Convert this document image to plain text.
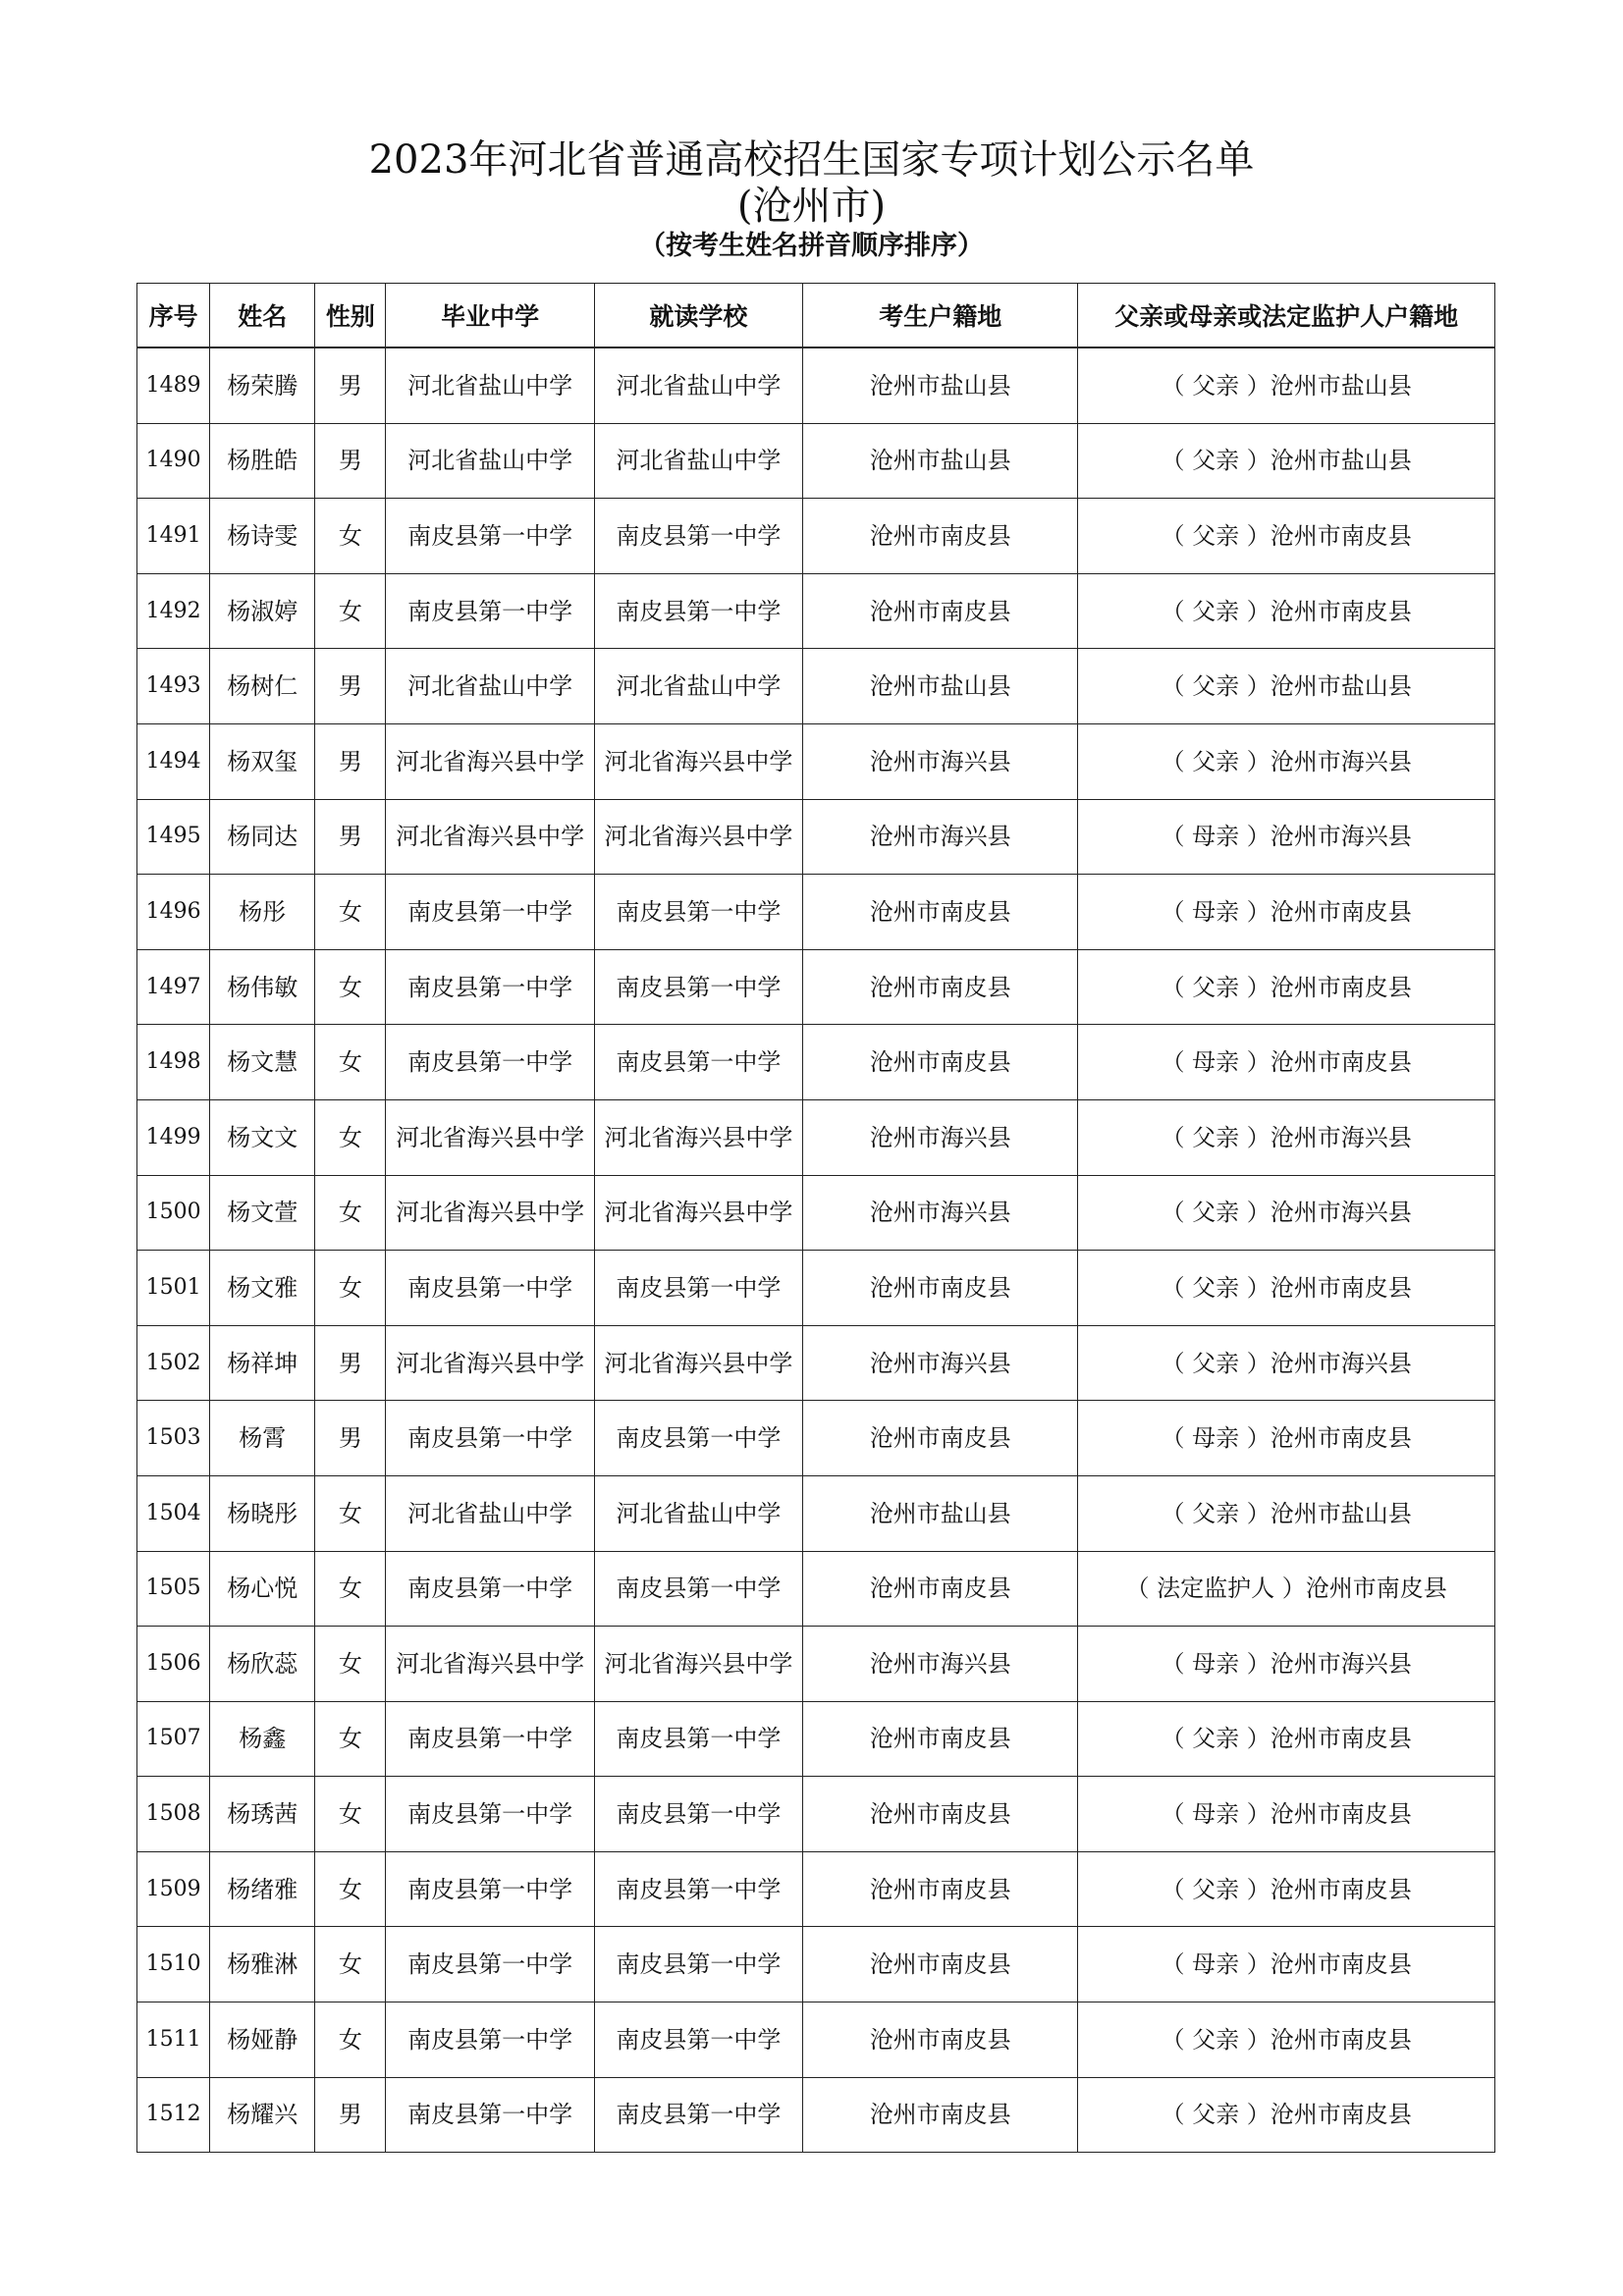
2023年河北省普通高校招生国家专项计划公示名单
(沧州市)
（按考生姓名拼音顺序排序）
序号	姓名	性别	毕业中学	就读学校	考生户籍地	父亲或母亲或法定监护人户籍地
1489	杨荣腾	男	河北省盐山中学	河北省盐山中学	沧州市盐山县	（ 父亲 ）沧州市盐山县
1490	杨胜皓	男	河北省盐山中学	河北省盐山中学	沧州市盐山县	（ 父亲 ）沧州市盐山县
1491	杨诗雯	女	南皮县第一中学	南皮县第一中学	沧州市南皮县	（ 父亲 ）沧州市南皮县
1492	杨淑婷	女	南皮县第一中学	南皮县第一中学	沧州市南皮县	（ 父亲 ）沧州市南皮县
1493	杨树仁	男	河北省盐山中学	河北省盐山中学	沧州市盐山县	（ 父亲 ）沧州市盐山县
1494	杨双玺	男	河北省海兴县中学	河北省海兴县中学	沧州市海兴县	（ 父亲 ）沧州市海兴县
1495	杨同达	男	河北省海兴县中学	河北省海兴县中学	沧州市海兴县	（ 母亲 ）沧州市海兴县
1496	杨彤	女	南皮县第一中学	南皮县第一中学	沧州市南皮县	（ 母亲 ）沧州市南皮县
1497	杨伟敏	女	南皮县第一中学	南皮县第一中学	沧州市南皮县	（ 父亲 ）沧州市南皮县
1498	杨文慧	女	南皮县第一中学	南皮县第一中学	沧州市南皮县	（ 母亲 ）沧州市南皮县
1499	杨文文	女	河北省海兴县中学	河北省海兴县中学	沧州市海兴县	（ 父亲 ）沧州市海兴县
1500	杨文萱	女	河北省海兴县中学	河北省海兴县中学	沧州市海兴县	（ 父亲 ）沧州市海兴县
1501	杨文雅	女	南皮县第一中学	南皮县第一中学	沧州市南皮县	（ 父亲 ）沧州市南皮县
1502	杨祥坤	男	河北省海兴县中学	河北省海兴县中学	沧州市海兴县	（ 父亲 ）沧州市海兴县
1503	杨霄	男	南皮县第一中学	南皮县第一中学	沧州市南皮县	（ 母亲 ）沧州市南皮县
1504	杨晓彤	女	河北省盐山中学	河北省盐山中学	沧州市盐山县	（ 父亲 ）沧州市盐山县
1505	杨心悦	女	南皮县第一中学	南皮县第一中学	沧州市南皮县	（ 法定监护人 ）沧州市南皮县
1506	杨欣蕊	女	河北省海兴县中学	河北省海兴县中学	沧州市海兴县	（ 母亲 ）沧州市海兴县
1507	杨鑫	女	南皮县第一中学	南皮县第一中学	沧州市南皮县	（ 父亲 ）沧州市南皮县
1508	杨琇茜	女	南皮县第一中学	南皮县第一中学	沧州市南皮县	（ 母亲 ）沧州市南皮县
1509	杨绪雅	女	南皮县第一中学	南皮县第一中学	沧州市南皮县	（ 父亲 ）沧州市南皮县
1510	杨雅淋	女	南皮县第一中学	南皮县第一中学	沧州市南皮县	（ 母亲 ）沧州市南皮县
1511	杨娅静	女	南皮县第一中学	南皮县第一中学	沧州市南皮县	（ 父亲 ）沧州市南皮县
1512	杨耀兴	男	南皮县第一中学	南皮县第一中学	沧州市南皮县	（ 父亲 ）沧州市南皮县
